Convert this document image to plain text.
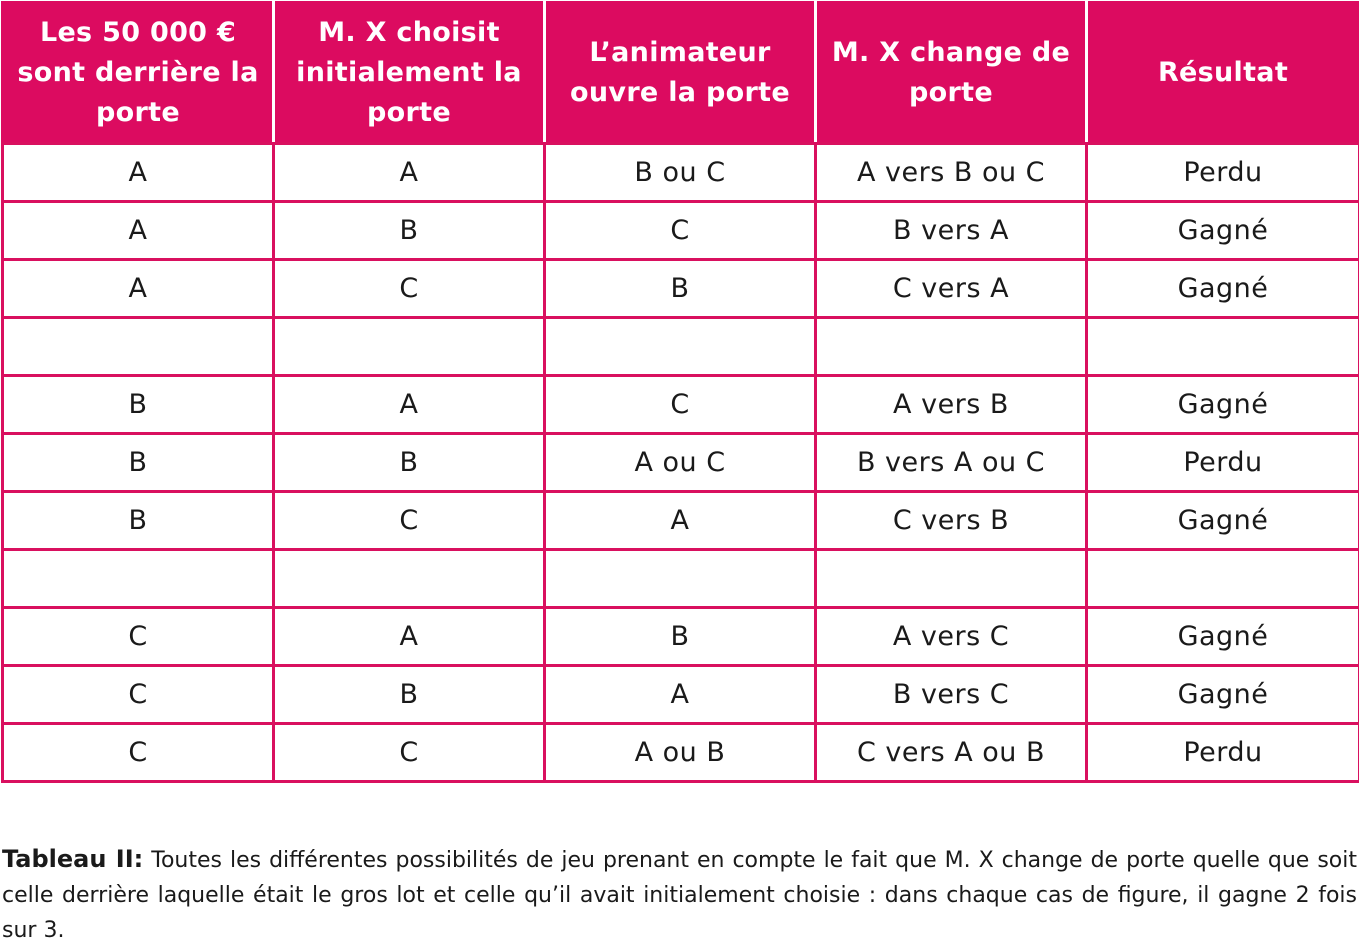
Les 50 000 € sont derrière la porte	M. X choisit initialement la porte	L’animateur ouvre la porte	M. X change de porte	Résultat
A	A	B ou C	A vers B ou C	Perdu
A	B	C	B vers A	Gagné
A	C	B	C vers A	Gagné

B	A	C	A vers B	Gagné
B	B	A ou C	B vers A ou C	Perdu
B	C	A	C vers B	Gagné

C	A	B	A vers C	Gagné
C	B	A	B vers C	Gagné
C	C	A ou B	C vers A ou B	Perdu

Tableau II: Toutes les différentes possibilités de jeu prenant en compte le fait que M. X change de porte quelle que soit celle derrière laquelle était le gros lot et celle qu’il avait initialement choisie : dans chaque cas de figure, il gagne 2 fois sur 3.
